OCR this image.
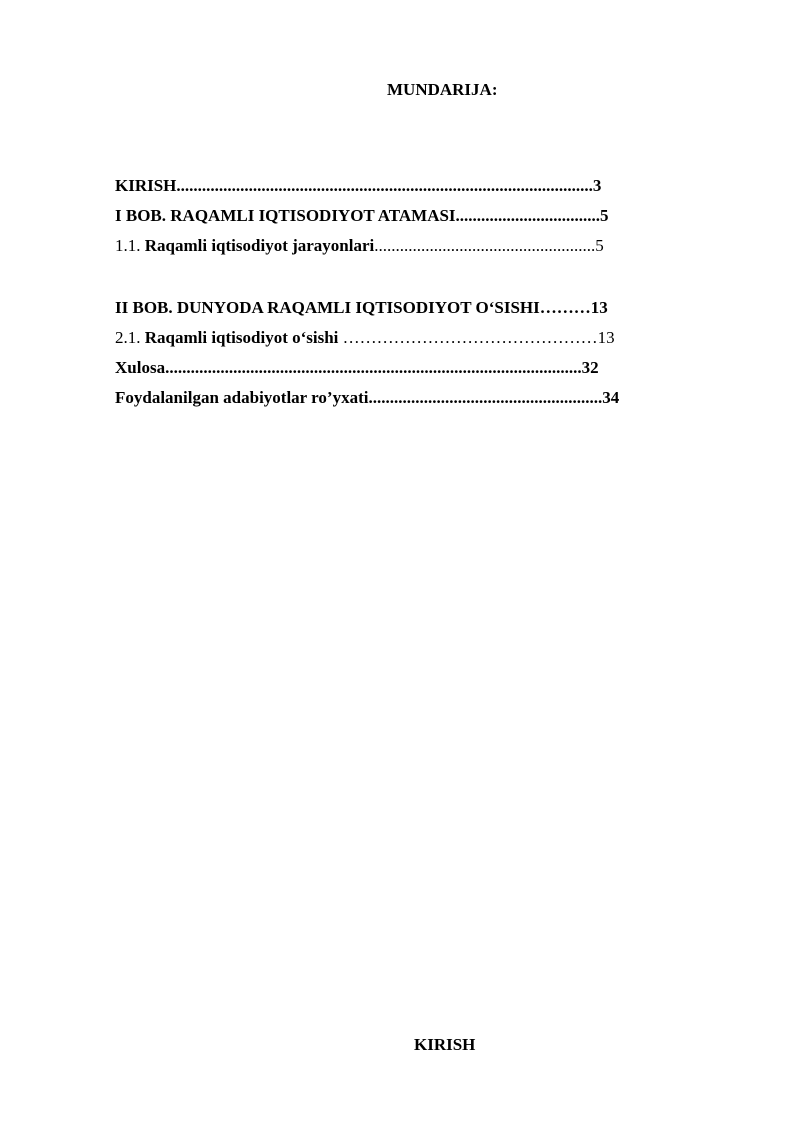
MUNDARIJA:
KIRISH..................................................................................................3
I BOB. RAQAMLI IQTISODIYOT ATAMASI..................................5
1.1. Raqamli iqtisodiyot jarayonlari....................................................5
II BOB. DUNYODA RAQAMLI IQTISODIYOT O‘SISHI………13
2.1. Raqamli iqtisodiyot o‘sishi ………………………………………13
Xulosa..................................................................................................32
Foydalanilgan adabiyotlar ro’yxati.......................................................34
KIRISH
